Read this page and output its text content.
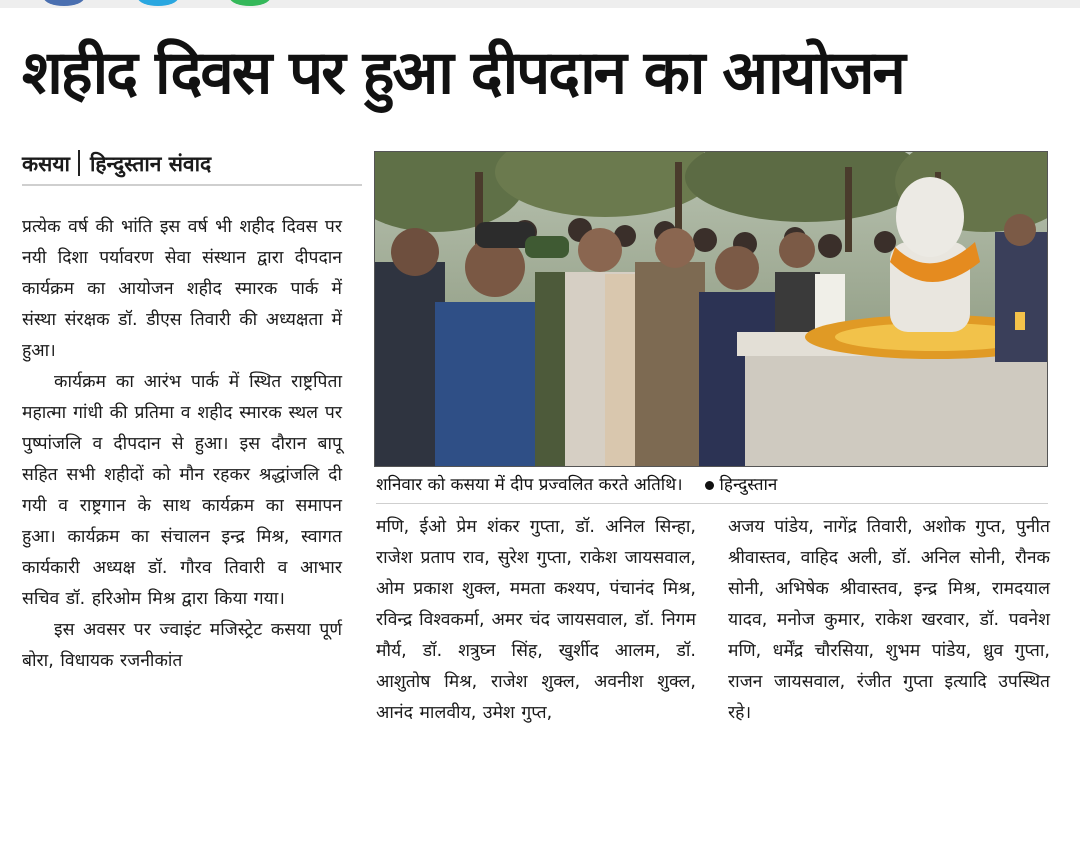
शहीद दिवस पर हुआ दीपदान का आयोजन
कसया हिन्दुस्तान संवाद

प्रत्येक वर्ष की भांति इस वर्ष भी शहीद दिवस पर नयी दिशा पर्यावरण सेवा संस्थान द्वारा दीपदान कार्यक्रम का आयोजन शहीद स्मारक पार्क में संस्था संरक्षक डॉ. डीएस तिवारी की अध्यक्षता में हुआ।

कार्यक्रम का आरंभ पार्क में स्थित राष्ट्रपिता महात्मा गांधी की प्रतिमा व शहीद स्मारक स्थल पर पुष्पांजलि व दीपदान से हुआ। इस दौरान बापू सहित सभी शहीदों को मौन रहकर श्रद्धांजलि दी गयी व राष्ट्रगान के साथ कार्यक्रम का समापन हुआ। कार्यक्रम का संचालन इन्द्र मिश्र, स्वागत कार्यकारी अध्यक्ष डॉ. गौरव तिवारी व आभार सचिव डॉ. हरिओम मिश्र द्वारा किया गया।

इस अवसर पर ज्वाइंट मजिस्ट्रेट कसया पूर्ण बोरा, विधायक रजनीकांत

शनिवार को कसया में दीप प्रज्वलित करते अतिथि। हिन्दुस्तान

मणि, ईओ प्रेम शंकर गुप्ता, डॉ. अनिल सिन्हा, राजेश प्रताप राव, सुरेश गुप्ता, राकेश जायसवाल, ओम प्रकाश शुक्ल, ममता कश्यप, पंचानंद मिश्र, रविन्द्र विश्वकर्मा, अमर चंद जायसवाल, डॉ. निगम मौर्य, डॉ. शत्रुघ्न सिंह, खुर्शीद आलम, डॉ. आशुतोष मिश्र, राजेश शुक्ल, अवनीश शुक्ल, आनंद मालवीय, उमेश गुप्त,

अजय पांडेय, नागेंद्र तिवारी, अशोक गुप्त, पुनीत श्रीवास्तव, वाहिद अली, डॉ. अनिल सोनी, रौनक सोनी, अभिषेक श्रीवास्तव, इन्द्र मिश्र, रामदयाल यादव, मनोज कुमार, राकेश खरवार, डॉ. पवनेश मणि, धर्मेंद्र चौरसिया, शुभम पांडेय, ध्रुव गुप्ता, राजन जायसवाल, रंजीत गुप्ता इत्यादि उपस्थित रहे।
